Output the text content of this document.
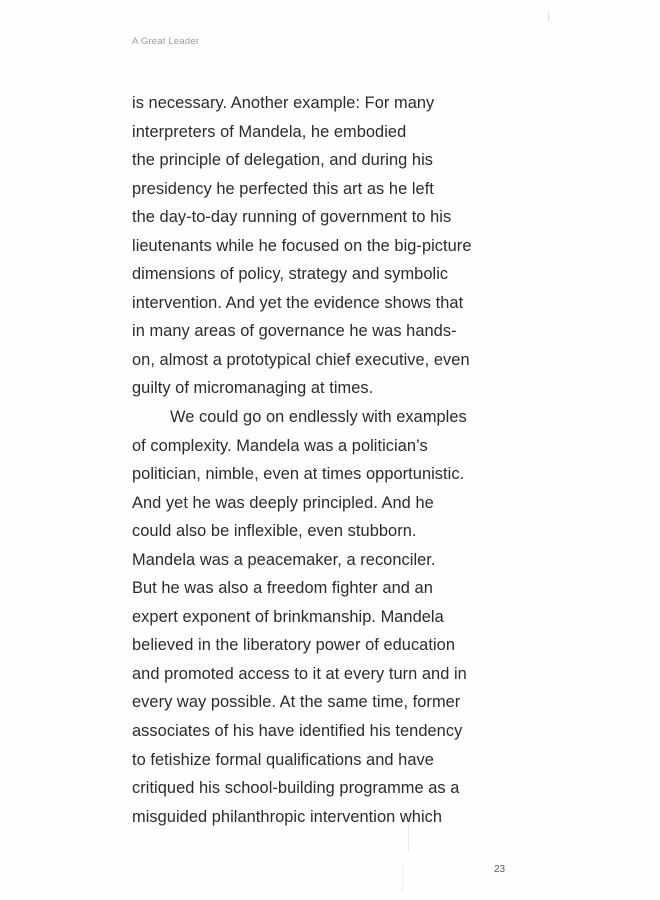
A Great Leader
is necessary. Another example: For many
interpreters of Mandela, he embodied
the principle of delegation, and during his
presidency he perfected this art as he left
the day-to-day running of government to his
lieutenants while he focused on the big-picture
dimensions of policy, strategy and symbolic
intervention. And yet the evidence shows that
in many areas of governance he was hands-
on, almost a prototypical chief executive, even
guilty of micromanaging at times.
We could go on endlessly with examples
of complexity. Mandela was a politician’s
politician, nimble, even at times opportunistic.
And yet he was deeply principled. And he
could also be inflexible, even stubborn.
Mandela was a peacemaker, a reconciler.
But he was also a freedom fighter and an
expert exponent of brinkmanship. Mandela
believed in the liberatory power of education
and promoted access to it at every turn and in
every way possible. At the same time, former
associates of his have identified his tendency
to fetishize formal qualifications and have
critiqued his school-building programme as a
misguided philanthropic intervention which
23
